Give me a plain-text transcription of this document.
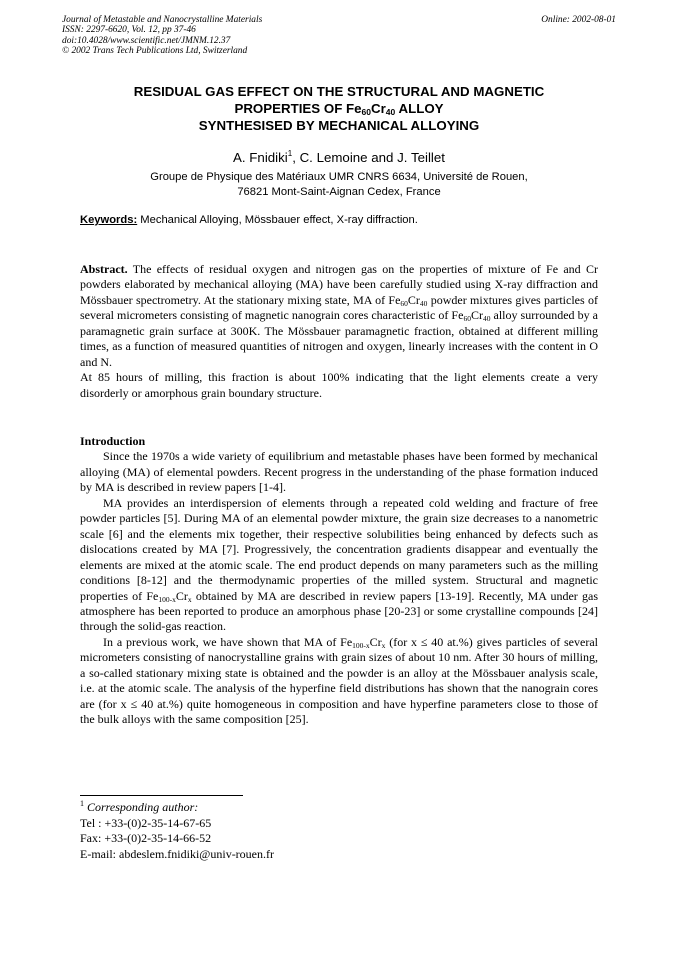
Journal of Metastable and Nanocrystalline Materials
ISSN: 2297-6620, Vol. 12, pp 37-46
doi:10.4028/www.scientific.net/JMNM.12.37
© 2002 Trans Tech Publications Ltd, Switzerland
Online: 2002-08-01
RESIDUAL GAS EFFECT ON THE STRUCTURAL AND MAGNETIC
PROPERTIES OF $Fe_{60}Cr_{40}$ ALLOY
SYNTHESISED BY MECHANICAL ALLOYING
A. Fnidiki$^1$, C. Lemoine and J. Teillet
Groupe de Physique des Matériaux UMR CNRS 6634, Université de Rouen,
76821 Mont-Saint-Aignan Cedex, France
Keywords: Mechanical Alloying, Mössbauer effect, X-ray diffraction.

Abstract. The effects of residual oxygen and nitrogen gas on the properties of mixture of Fe and Cr powders elaborated by mechanical alloying (MA) have been carefully studied using X-ray diffraction and Mössbauer spectrometry. At the stationary mixing state, MA of $Fe_{60}Cr_{40}$ powder mixtures gives particles of several micrometers consisting of magnetic nanograin cores characteristic of $Fe_{60}Cr_{40}$ alloy surrounded by a paramagnetic grain surface at 300K. The Mössbauer paramagnetic fraction, obtained at different milling times, as a function of measured quantities of nitrogen and oxygen, linearly increases with the content in O and N.

At 85 hours of milling, this fraction is about 100% indicating that the light elements create a very disorderly or amorphous grain boundary structure.

Introduction

Since the 1970s a wide variety of equilibrium and metastable phases have been formed by mechanical alloying (MA) of elemental powders. Recent progress in the understanding of the phase formation induced by MA is described in review papers [1-4].

MA provides an interdispersion of elements through a repeated cold welding and fracture of free powder particles [5]. During MA of an elemental powder mixture, the grain size decreases to a nanometric scale [6] and the elements mix together, their respective solubilities being enhanced by defects such as dislocations created by MA [7]. Progressively, the concentration gradients disappear and eventually the elements are mixed at the atomic scale. The end product depends on many parameters such as the milling conditions [8-12] and the thermodynamic properties of the milled system. Structural and magnetic properties of $Fe_{100-x}Cr_x$ obtained by MA are described in review papers [13-19]. Recently, MA under gas atmosphere has been reported to produce an amorphous phase [20-23] or some crystalline compounds [24] through the solid-gas reaction.

In a previous work, we have shown that MA of $Fe_{100-x}Cr_x$ (for x ≤ 40 at.%) gives particles of several micrometers consisting of nanocrystalline grains with grain sizes of about 10 nm. After 30 hours of milling, a so-called stationary mixing state is obtained and the powder is an alloy at the Mössbauer analysis scale, i.e. at the atomic scale. The analysis of the hyperfine field distributions has shown that the nanograin cores are (for x ≤ 40 at.%) quite homogeneous in composition and have hyperfine parameters close to those of the bulk alloys with the same composition [25].

$^1$ Corresponding author:
Tel : +33-(0)2-35-14-67-65
Fax: +33-(0)2-35-14-66-52
E-mail: abdeslem.fnidiki@univ-rouen.fr
